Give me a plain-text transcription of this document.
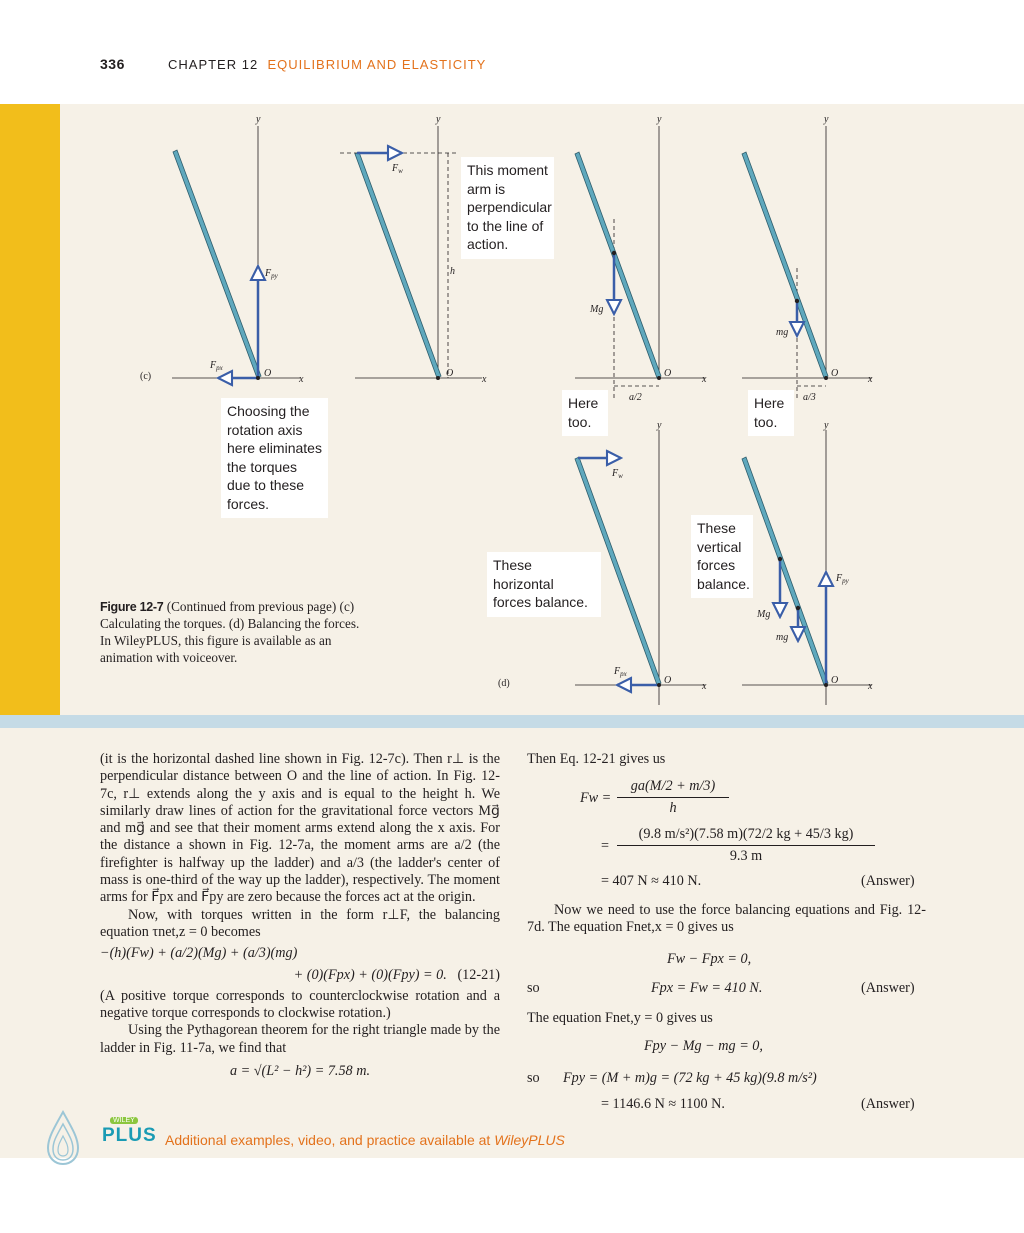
336	CHAPTER 12 EQUILIBRIUM AND ELASTICITY
y
x
O
(c)
$F_{py}$
$F_{px}$
y
x
O
h
$F_w$
y
x
O
Mg
a/2
y
x
O
mg
a/3
y
x
O
$F_w$
$F_{px}$
(d)
y
x
O
$F_{py}$
Mg
mg
Choosing the rotation axis here eliminates the torques due to these forces.
This moment arm is perpendicular to the line of action.
Here too.
Here too.
These horizontal forces balance.
These vertical forces balance.
Figure 12-7 (Continued from previous page) (c) Calculating the torques. (d) Balancing the forces. In WileyPLUS, this figure is available as an animation with voiceover.

(it is the horizontal dashed line shown in Fig. 12-7c). Then r⊥ is the perpendicular distance between O and the line of action. In Fig. 12-7c, r⊥ extends along the y axis and is equal to the height h. We similarly draw lines of action for the gravitational force vectors Mg⃗ and mg⃗ and see that their moment arms extend along the x axis. For the distance a shown in Fig. 12-7a, the moment arms are a/2 (the firefighter is halfway up the ladder) and a/3 (the ladder's center of mass is one-third of the way up the ladder), respectively. The moment arms for F⃗px and F⃗py are zero because the forces act at the origin.

Now, with torques written in the form r⊥F, the balancing equation τnet,z = 0 becomes

−(h)(Fw) + (a/2)(Mg) + (a/3)(mg)

+ (0)(Fpx) + (0)(Fpy) = 0. (12-21)

(A positive torque corresponds to counterclockwise rotation and a negative torque corresponds to clockwise rotation.)

Using the Pythagorean theorem for the right triangle made by the ladder in Fig. 11-7a, we find that

a = √(L² − h²) = 7.58 m.

Then Eq. 12-21 gives us
$Fw = \frac{ga(M/2 + m/3)}{h}$
= $\frac{\text{(9.8 m/s²)(7.58 m)(72/2 kg + 45/3 kg)}}{9.3 m}$
= 407 N ≈ 410 N.	(Answer)
Now we need to use the force balancing equations and Fig. 12-7d. The equation Fnet,x = 0 gives us
Fw − Fpx = 0,
so	Fpx = Fw = 410 N.	(Answer)
The equation Fnet,y = 0 gives us
Fpy − Mg − mg = 0,
so Fpy = (M + m)g = (72 kg + 45 kg)(9.8 m/s²)
= 1146.6 N ≈ 1100 N.	(Answer)
WILEY
PLUS Additional examples, video, and practice available at WileyPLUS
